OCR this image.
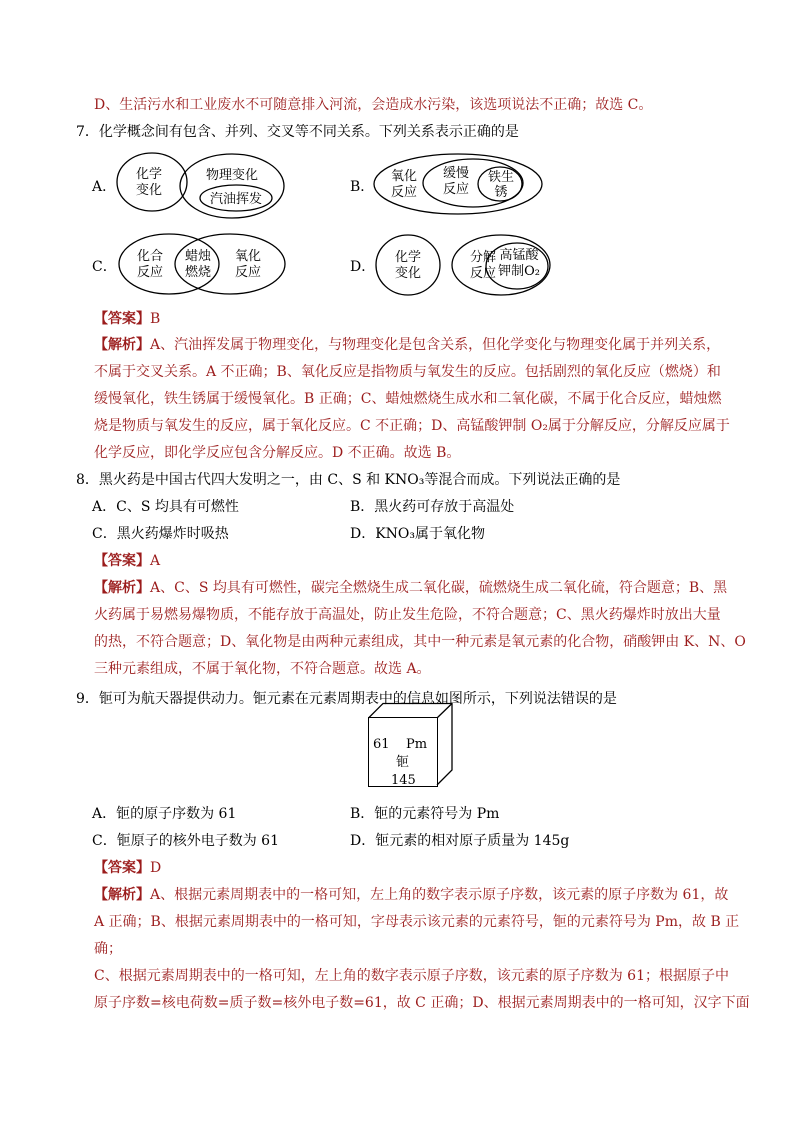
D、生活污水和工业废水不可随意排入河流，会造成水污染，该选项说法不正确；故选 C。
7．化学概念间有包含、并列、交叉等不同关系。下列关系表示正确的是
A．
化学
变化
物理变化
汽油挥发
B．
氧化
反应
缓慢
反应
铁生
锈
C．
化合
反应
蜡烛
燃烧
氧化
反应	D．
化学
变化
分解
反应
高锰酸
钾制O₂
【答案】B
【解析】A、汽油挥发属于物理变化，与物理变化是包含关系，但化学变化与物理变化属于并列关系，
不属于交叉关系。A 不正确；B、氧化反应是指物质与氧发生的反应。包括剧烈的氧化反应（燃烧）和
缓慢氧化，铁生锈属于缓慢氧化。B 正确；C、蜡烛燃烧生成水和二氧化碳，不属于化合反应，蜡烛燃
烧是物质与氧发生的反应，属于氧化反应。C 不正确；D、高锰酸钾制 O₂属于分解反应，分解反应属于
化学反应，即化学反应包含分解反应。D 不正确。故选 B。
8．黑火药是中国古代四大发明之一，由 C、S 和 KNO₃等混合而成。下列说法正确的是
A．C、S 均具有可燃性	B．黑火药可存放于高温处
C．黑火药爆炸时吸热	D．KNO₃属于氧化物
【答案】A
【解析】A、C、S 均具有可燃性，碳完全燃烧生成二氧化碳，硫燃烧生成二氧化硫，符合题意；B、黑
火药属于易燃易爆物质，不能存放于高温处，防止发生危险，不符合题意；C、黑火药爆炸时放出大量
的热，不符合题意；D、氧化物是由两种元素组成，其中一种元素是氧元素的化合物，硝酸钾由 K、N、O
三种元素组成，不属于氧化物，不符合题意。故选 A。
9．钷可为航天器提供动力。钷元素在元素周期表中的信息如图所示，下列说法错误的是
61 Pm
钷
145
A．钷的原子序数为 61	B．钷的元素符号为 Pm
C．钷原子的核外电子数为 61	D．钷元素的相对原子质量为 145g
【答案】D
【解析】A、根据元素周期表中的一格可知，左上角的数字表示原子序数，该元素的原子序数为 61，故
A 正确；B、根据元素周期表中的一格可知，字母表示该元素的元素符号，钷的元素符号为 Pm，故 B 正
确；
C、根据元素周期表中的一格可知，左上角的数字表示原子序数，该元素的原子序数为 61；根据原子中
原子序数=核电荷数=质子数=核外电子数=61，故 C 正确；D、根据元素周期表中的一格可知，汉字下面
